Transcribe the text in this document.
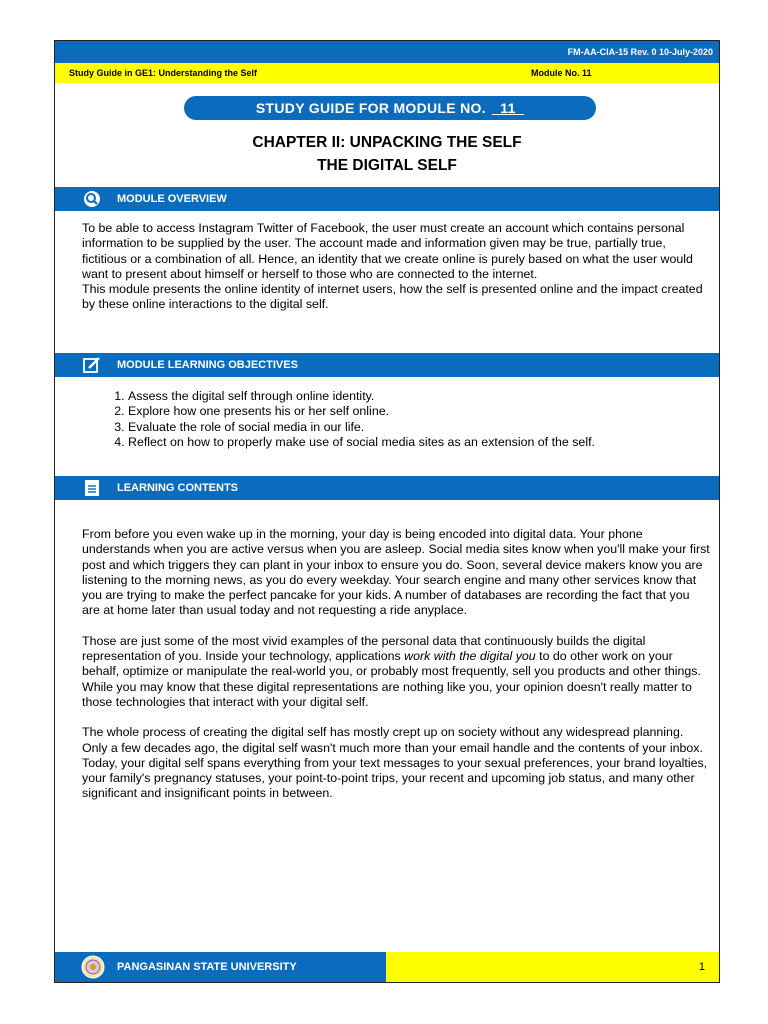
FM-AA-CIA-15 Rev. 0 10-July-2020
Study Guide in GE1: Understanding the Self	Module No. 11
STUDY GUIDE FOR MODULE NO. 11
CHAPTER II: UNPACKING THE SELF
THE DIGITAL SELF
MODULE OVERVIEW

To be able to access Instagram Twitter of Facebook, the user must create an account which contains personal information to be supplied by the user. The account made and information given may be true, partially true, fictitious or a combination of all. Hence, an identity that we create online is purely based on what the user would want to present about himself or herself to those who are connected to the internet.

This module presents the online identity of internet users, how the self is presented online and the impact created by these online interactions to the digital self.

MODULE LEARNING OBJECTIVES
1. Assess the digital self through online identity.
2. Explore how one presents his or her self online.
3. Evaluate the role of social media in our life.
4. Reflect on how to properly make use of social media sites as an extension of the self.
LEARNING CONTENTS

From before you even wake up in the morning, your day is being encoded into digital data. Your phone understands when you are active versus when you are asleep. Social media sites know when you'll make your first post and which triggers they can plant in your inbox to ensure you do. Soon, several device makers know you are listening to the morning news, as you do every weekday. Your search engine and many other services know that you are trying to make the perfect pancake for your kids. A number of databases are recording the fact that you are at home later than usual today and not requesting a ride anyplace.

Those are just some of the most vivid examples of the personal data that continuously builds the digital representation of you. Inside your technology, applications work with the digital you to do other work on your behalf, optimize or manipulate the real-world you, or probably most frequently, sell you products and other things. While you may know that these digital representations are nothing like you, your opinion doesn't really matter to those technologies that interact with your digital self.

The whole process of creating the digital self has mostly crept up on society without any widespread planning. Only a few decades ago, the digital self wasn't much more than your email handle and the contents of your inbox. Today, your digital self spans everything from your text messages to your sexual preferences, your brand loyalties, your family's pregnancy statuses, your point-to-point trips, your recent and upcoming job status, and many other significant and insignificant points in between.

PANGASINAN STATE UNIVERSITY	1
